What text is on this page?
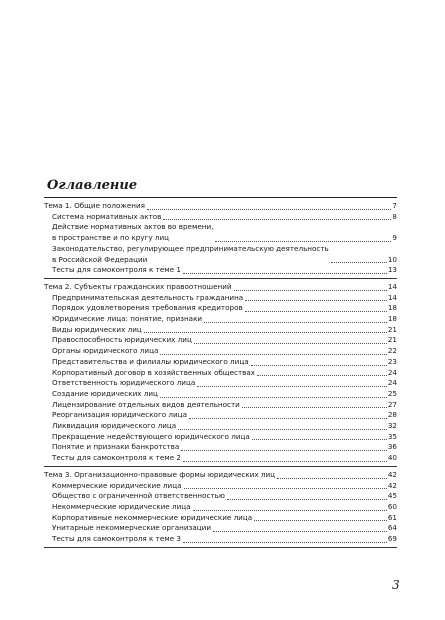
Оглавление
Тема 1. Общие положения	7
Система нормативных актов	8
Действие нормативных актов во времени,
в пространстве и по кругу лиц	9
Законодательство, регулирующее предпринимательскую деятельность
в Российской Федерации	10
Тесты для самоконтроля к теме 1	13
Тема 2. Субъекты гражданских правоотношений	14
Предпринимательская деятельность гражданина	14
Порядок удовлетворения требования кредиторов	18
Юридические лица: понятие, признаки	18
Виды юридических лиц	21
Правоспособность юридических лиц	21
Органы юридического лица	22
Представительства и филиалы юридического лица	23
Корпоративный договор в хозяйственных обществах	24
Ответственность юридического лица	24
Создание юридических лиц	25
Лицензирование отдельных видов деятельности	27
Реорганизация юридического лица	28
Ликвидация юридического лица	32
Прекращение недействующего юридического лица	35
Понятие и признаки банкротства	36
Тесты для самоконтроля к теме 2	40
Тема 3. Организационно-правовые формы юридических лиц	42
Коммерческие юридические лица	42
Общество с ограниченной ответственностью	45
Некоммерческие юридические лица	60
Корпоративные некоммерческие юридические лица	61
Унитарные некоммерческие организации	64
Тесты для самоконтроля к теме 3	69
3
